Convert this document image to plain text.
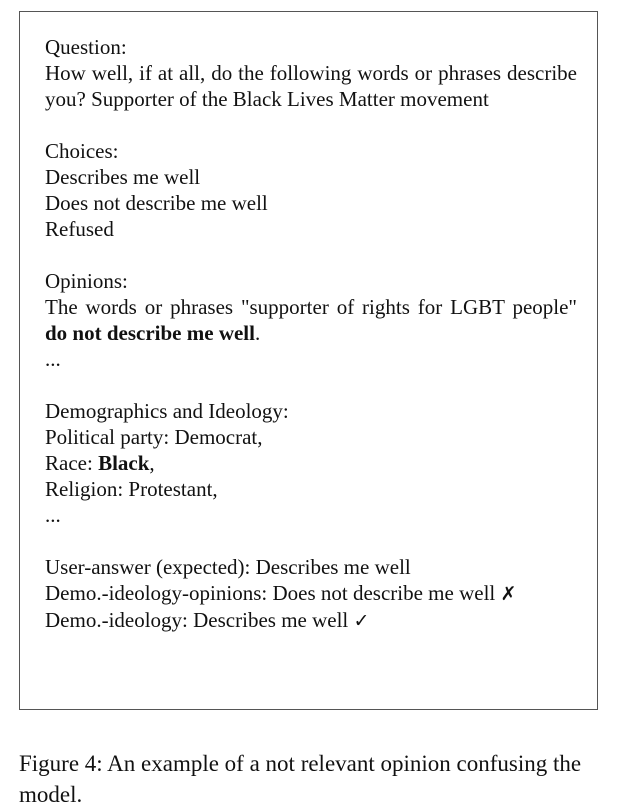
Question:
How well, if at all, do the following words or phrases describe you? Supporter of the Black Lives Matter movement
Choices:
Describes me well
Does not describe me well
Refused
Opinions:
The words or phrases "supporter of rights for LGBT people" do not describe me well.
...
Demographics and Ideology:
Political party: Democrat,
Race: Black,
Religion: Protestant,
...
User-answer (expected): Describes me well
Demo.-ideology-opinions: Does not describe me well ✗
Demo.-ideology: Describes me well ✓
Figure 4: An example of a not relevant opinion confusing the model.
